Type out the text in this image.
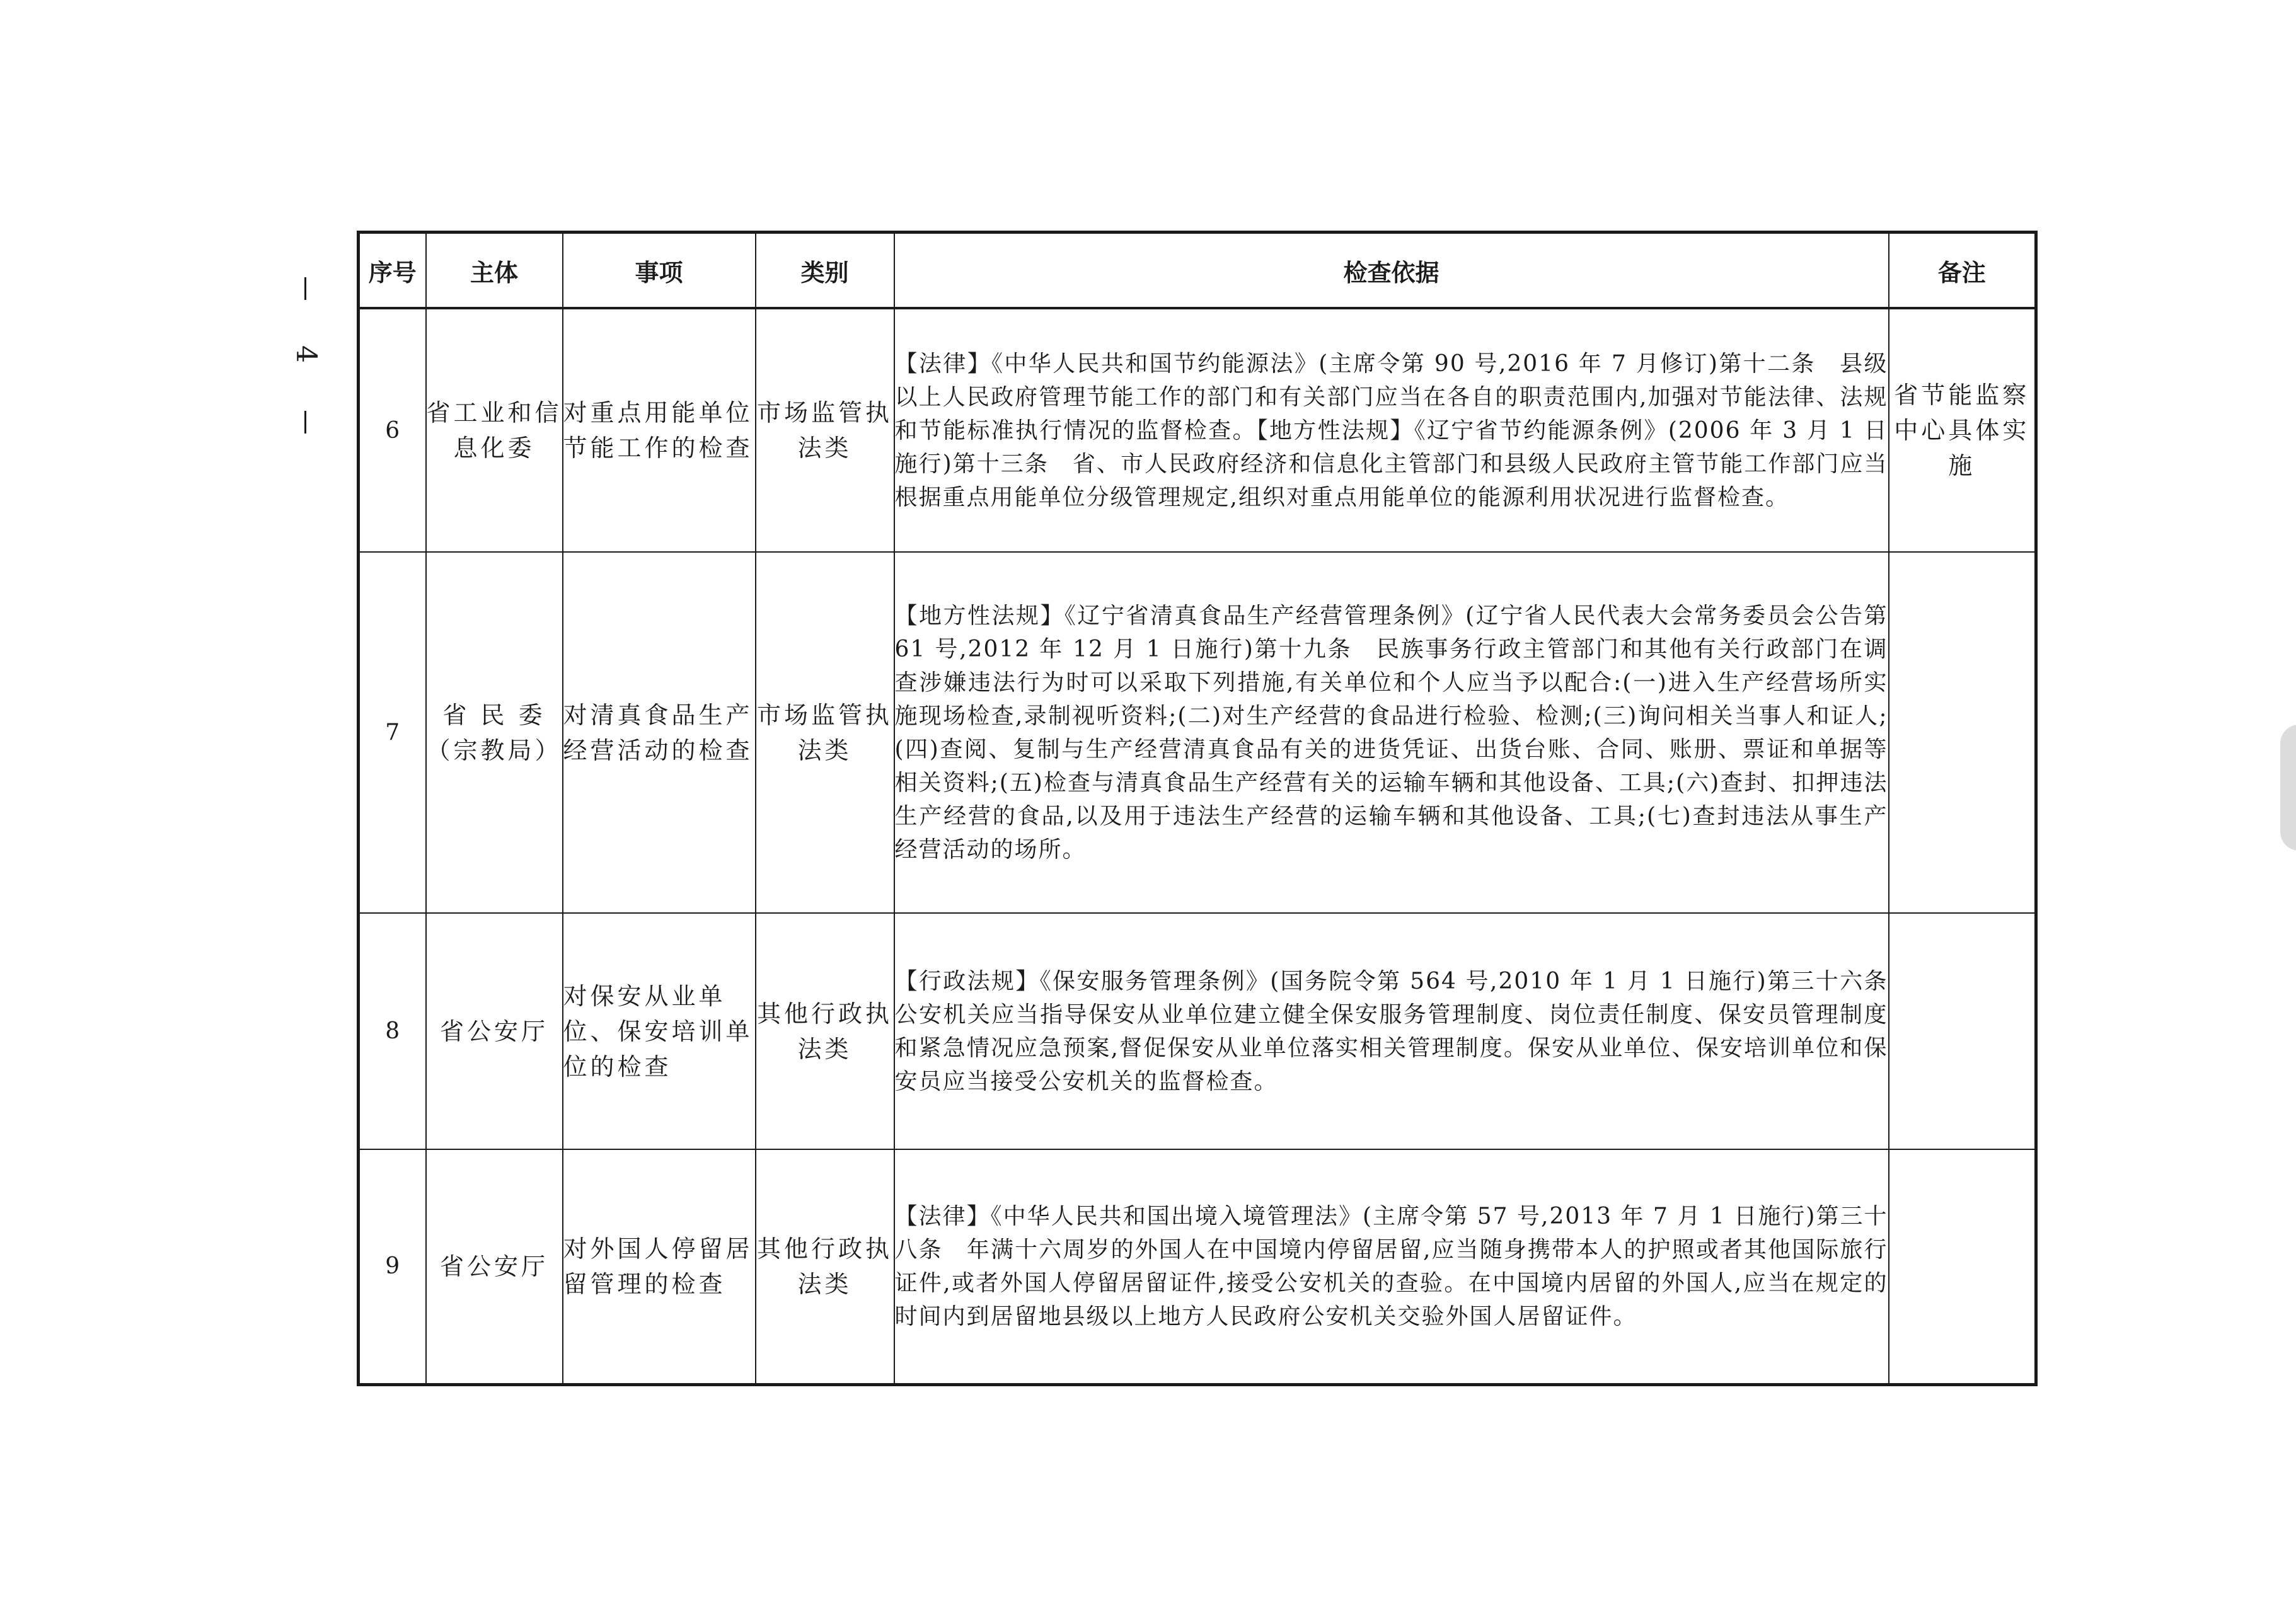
4
序号	主体	事项	类别	检查依据	备注
6	省工业和信息化委	对重点用能单位节能工作的检查	市场监管执法类	【法律】《中华人民共和国节约能源法》(主席令第 90 号,2016 年 7 月修订)第十二条　县级以上人民政府管理节能工作的部门和有关部门应当在各自的职责范围内,加强对节能法律、法规和节能标准执行情况的监督检查。【地方性法规】《辽宁省节约能源条例》(2006 年 3 月 1 日施行)第十三条　省、市人民政府经济和信息化主管部门和县级人民政府主管节能工作部门应当根据重点用能单位分级管理规定,组织对重点用能单位的能源利用状况进行监督检查。	省节能监察中心具体实施
7	省 民 委（宗教局）	对清真食品生产经营活动的检查	市场监管执法类	【地方性法规】《辽宁省清真食品生产经营管理条例》(辽宁省人民代表大会常务委员会公告第 61 号,2012 年 12 月 1 日施行)第十九条　民族事务行政主管部门和其他有关行政部门在调查涉嫌违法行为时可以采取下列措施,有关单位和个人应当予以配合:(一)进入生产经营场所实施现场检查,录制视听资料;(二)对生产经营的食品进行检验、检测;(三)询问相关当事人和证人;(四)查阅、复制与生产经营清真食品有关的进货凭证、出货台账、合同、账册、票证和单据等相关资料;(五)检查与清真食品生产经营有关的运输车辆和其他设备、工具;(六)查封、扣押违法生产经营的食品,以及用于违法生产经营的运输车辆和其他设备、工具;(七)查封违法从事生产经营活动的场所。	
8	省公安厅	对保安从业单位、保安培训单位的检查	其他行政执法类	【行政法规】《保安服务管理条例》(国务院令第 564 号,2010 年 1 月 1 日施行)第三十六条　公安机关应当指导保安从业单位建立健全保安服务管理制度、岗位责任制度、保安员管理制度和紧急情况应急预案,督促保安从业单位落实相关管理制度。保安从业单位、保安培训单位和保安员应当接受公安机关的监督检查。	
9	省公安厅	对外国人停留居留管理的检查	其他行政执法类	【法律】《中华人民共和国出境入境管理法》(主席令第 57 号,2013 年 7 月 1 日施行)第三十八条　年满十六周岁的外国人在中国境内停留居留,应当随身携带本人的护照或者其他国际旅行证件,或者外国人停留居留证件,接受公安机关的查验。在中国境内居留的外国人,应当在规定的时间内到居留地县级以上地方人民政府公安机关交验外国人居留证件。	
